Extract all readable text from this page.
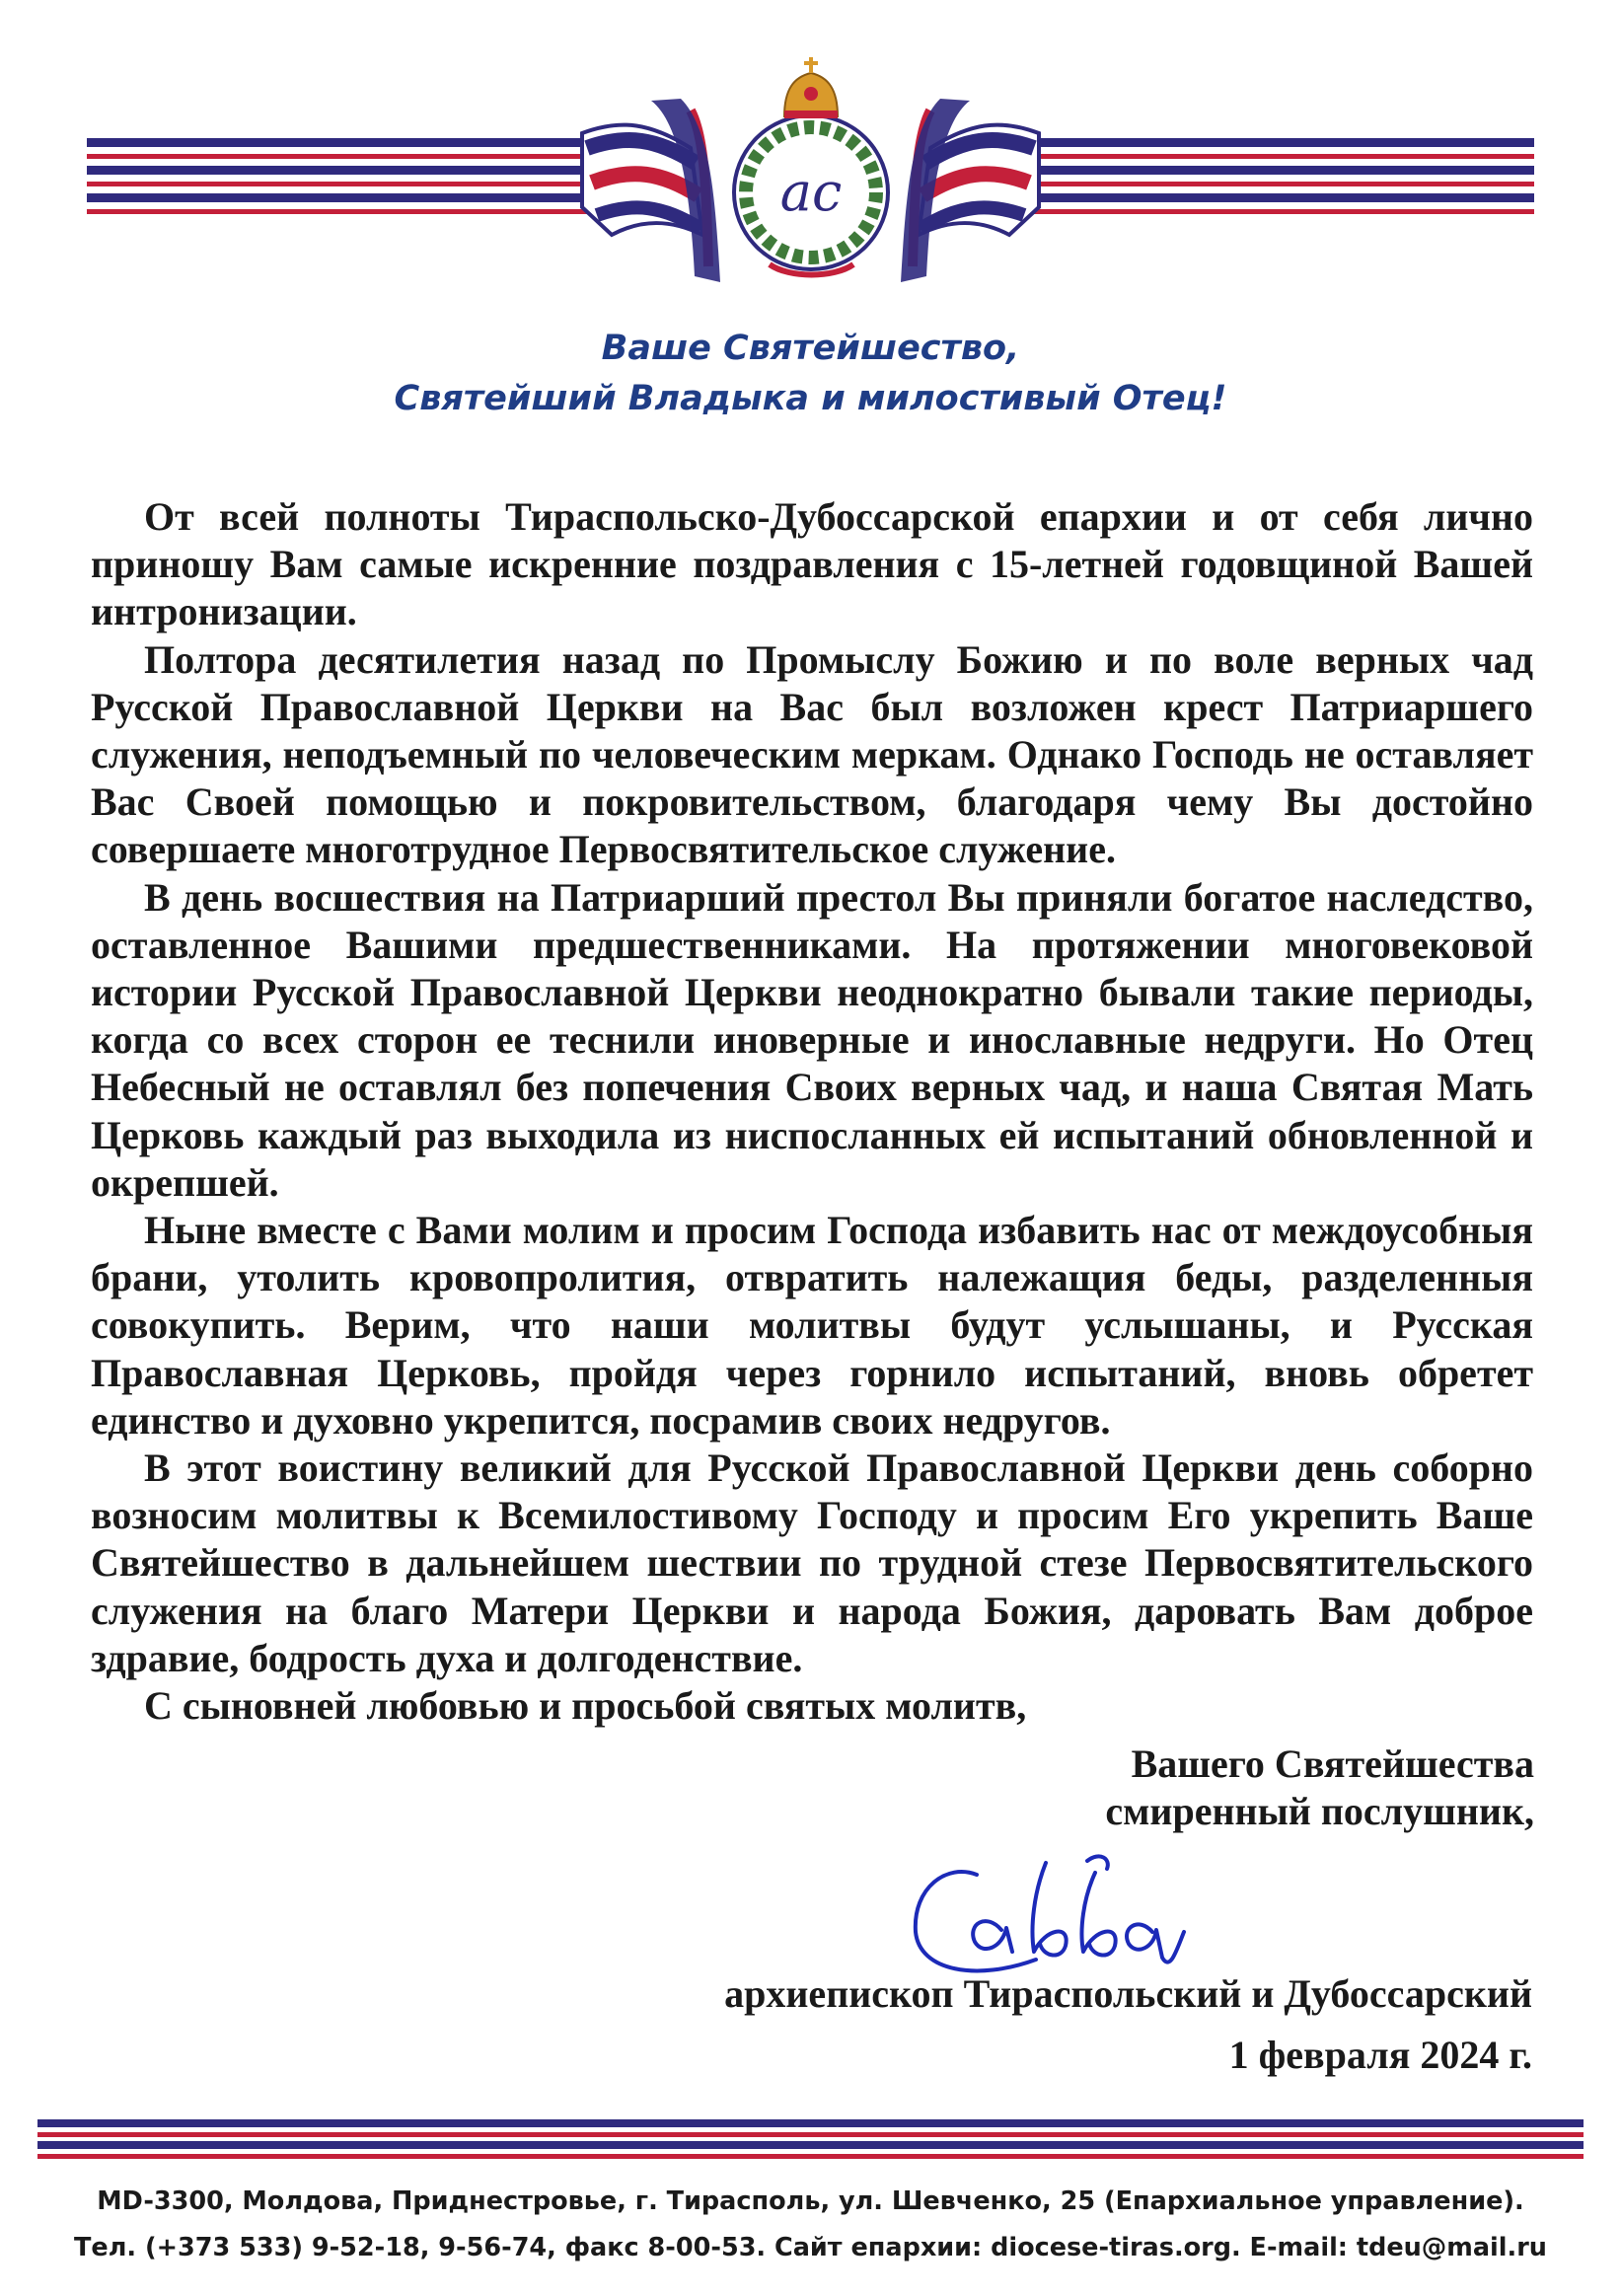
ас
Ваше Святейшество,
Святейший Владыка и милостивый Отец!

От всей полноты Тираспольско-Дубоссарской епархии и от себя лично приношу Вам самые искренние поздравления с 15-летней годовщиной Вашей интронизации.

Полтора десятилетия назад по Промыслу Божию и по воле верных чад Русской Православной Церкви на Вас был возложен крест Патриаршего служения, неподъемный по человеческим меркам. Однако Господь не оставляет Вас Своей помощью и покровительством, благодаря чему Вы достойно совершаете многотрудное Первосвятительское служение.

В день восшествия на Патриарший престол Вы приняли богатое наследство, оставленное Вашими предшественниками. На протяжении многовековой истории Русской Православной Церкви неоднократно бывали такие периоды, когда со всех сторон ее теснили иноверные и инославные недруги. Но Отец Небесный не оставлял без попечения Своих верных чад, и наша Святая Мать Церковь каждый раз выходила из ниспосланных ей испытаний обновленной и окрепшей.

Ныне вместе с Вами молим и просим Господа избавить нас от междоусобныя брани, утолить кровопролития, отвратить належащия беды, разделенныя совокупить. Верим, что наши молитвы будут услышаны, и Русская Православная Церковь, пройдя через горнило испытаний, вновь обретет единство и духовно укрепится, посрамив своих недругов.

В этот воистину великий для Русской Православной Церкви день соборно возносим молитвы к Всемилостивому Господу и просим Его укрепить Ваше Святейшество в дальнейшем шествии по трудной стезе Первосвятительского служения на благо Матери Церкви и народа Божия, даровать Вам доброе здравие, бодрость духа и долгоденствие.

С сыновней любовью и просьбой святых молитв,

Вашего Святейшества
смиренный послушник,
архиепископ Тираспольский и Дубоссарский
1 февраля 2024 г.
MD-3300, Молдова, Приднестровье, г. Тирасполь, ул. Шевченко, 25 (Епархиальное управление).
Тел. (+373 533) 9-52-18, 9-56-74, факс 8-00-53. Сайт епархии: diocese-tiras.org. E-mail: tdeu@mail.ru
